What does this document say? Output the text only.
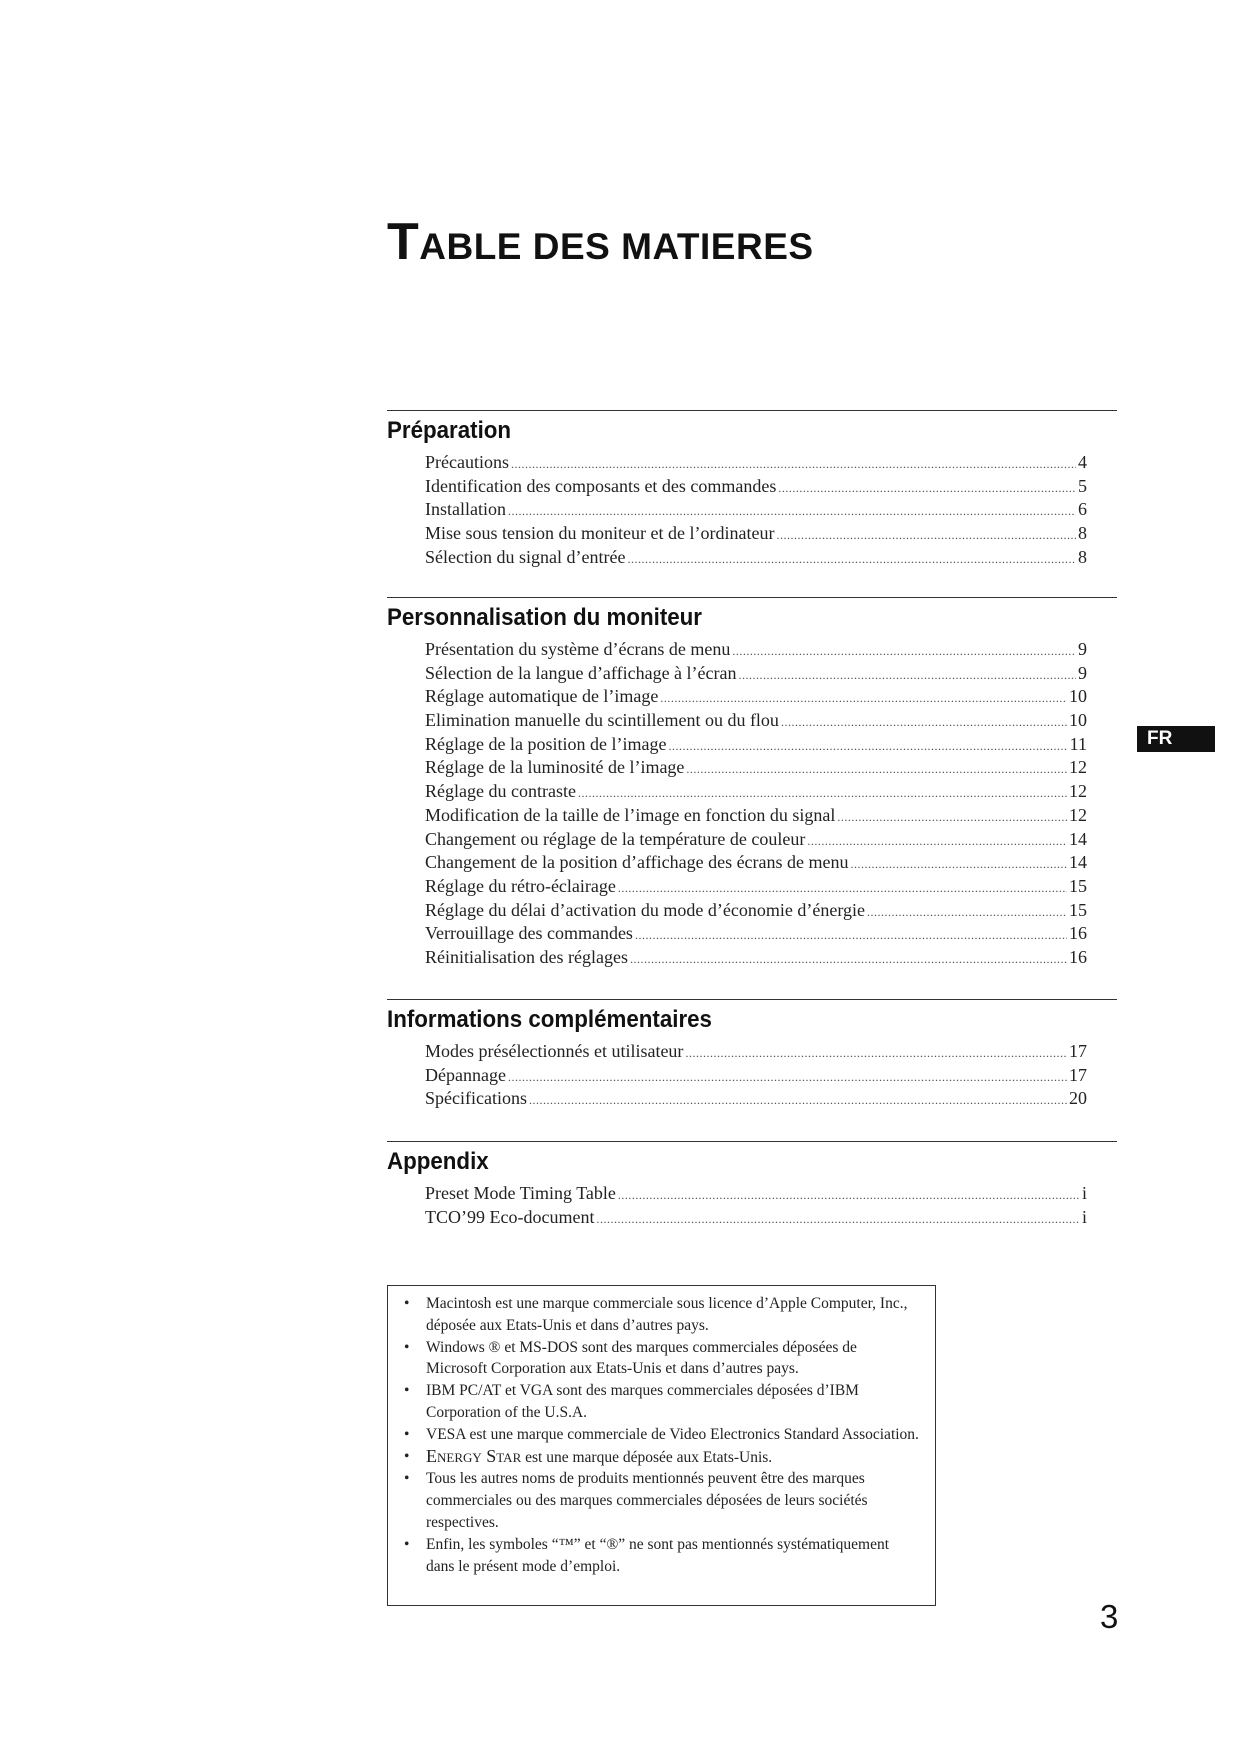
TABLE DES MATIERES
Préparation
Précautions .....	4
Identification des composants et des commandes .....	5
Installation .....	6
Mise sous tension du moniteur et de l’ordinateur .....	8
Sélection du signal d’entrée .....	8
Personnalisation du moniteur
Présentation du système d’écrans de menu .....	9
Sélection de la langue d’affichage à l’écran .....	9
Réglage automatique de l’image .....	10
Elimination manuelle du scintillement ou du flou .....	10
Réglage de la position de l’image .....	11
Réglage de la luminosité de l’image .....	12
Réglage du contraste .....	12
Modification de la taille de l’image en fonction du signal .....	12
Changement ou réglage de la température de couleur .....	14
Changement de la position d’affichage des écrans de menu .....	14
Réglage du rétro-éclairage .....	15
Réglage du délai d’activation du mode d’économie d’énergie .....	15
Verrouillage des commandes .....	16
Réinitialisation des réglages .....	16
Informations complémentaires
Modes présélectionnés et utilisateur .....	17
Dépannage .....	17
Spécifications .....	20
Appendix
Preset Mode Timing Table .....	i
TCO’99 Eco-document .....	i
FR
• Macintosh est une marque commerciale sous licence d’Apple Computer, Inc., déposée aux Etats-Unis et dans d’autres pays.
• Windows ® et MS-DOS sont des marques commerciales déposées de Microsoft Corporation aux Etats-Unis et dans d’autres pays.
• IBM PC/AT et VGA sont des marques commerciales déposées d’IBM Corporation of the U.S.A.
• VESA est une marque commerciale de Video Electronics Standard Association.
• Energy Star est une marque déposée aux Etats-Unis.
• Tous les autres noms de produits mentionnés peuvent être des marques commerciales ou des marques commerciales déposées de leurs sociétés respectives.
• Enfin, les symboles “™” et “®” ne sont pas mentionnés systématiquement dans le présent mode d’emploi.
3
